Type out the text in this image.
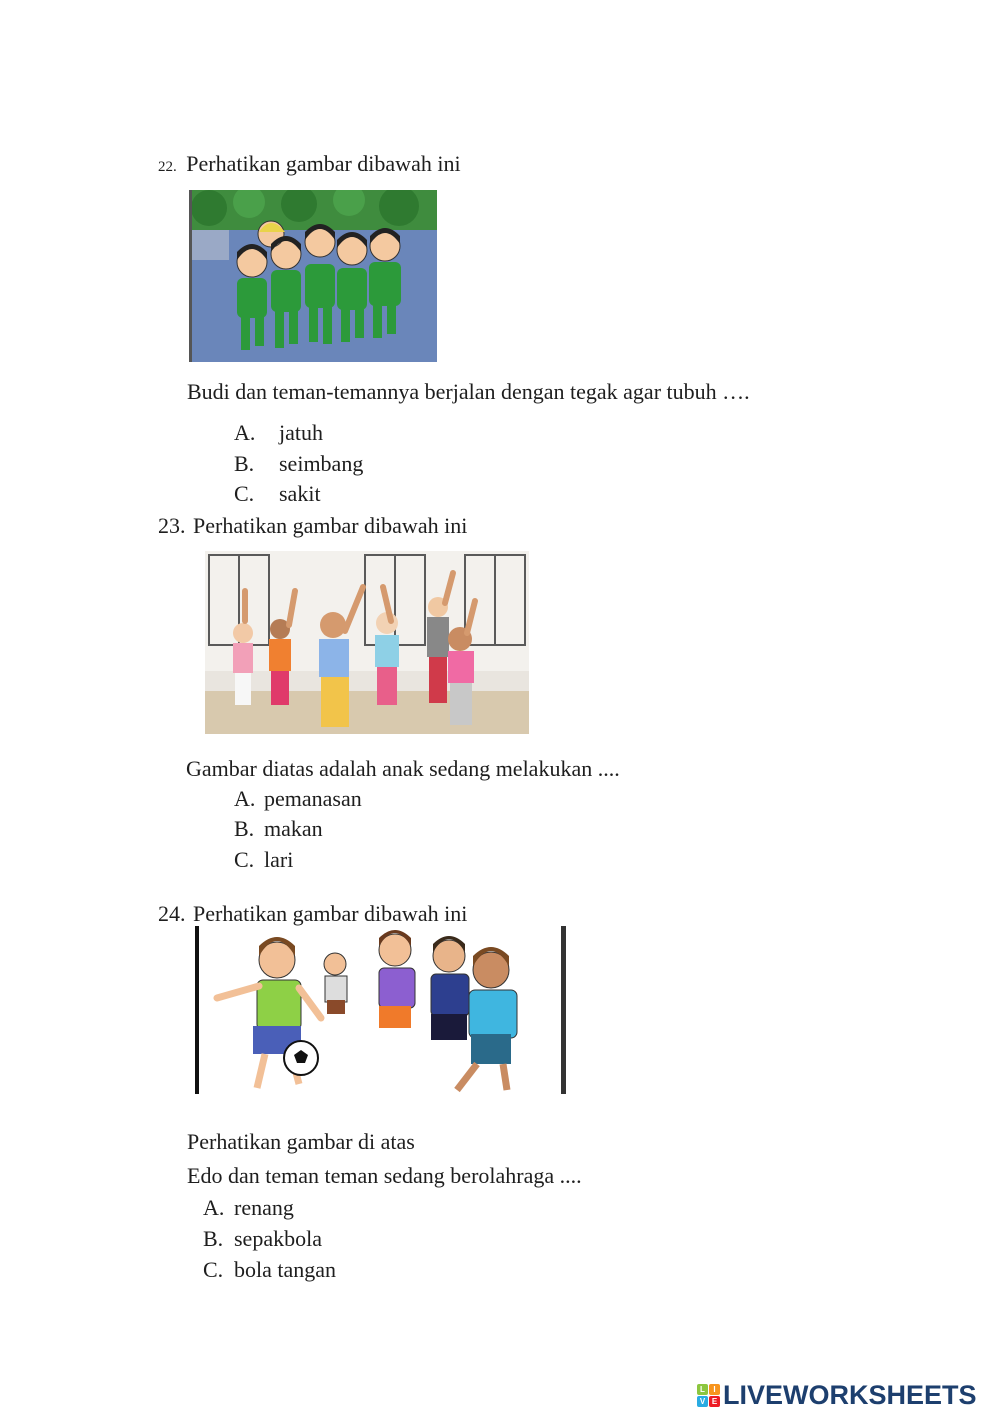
22. Perhatikan gambar dibawah ini
Budi dan teman-temannya berjalan dengan tegak agar tubuh ….
A. jatuh
B. seimbang
C. sakit
23. Perhatikan gambar dibawah ini
Gambar diatas adalah anak sedang melakukan ....
A. pemanasan
B. makan
C. lari
24. Perhatikan gambar dibawah ini
Perhatikan gambar di atas
Edo dan teman teman sedang berolahraga ....
A. renang
B. sepakbola
C. bola tangan
L	I
V E LIVEWORKSHEETS
